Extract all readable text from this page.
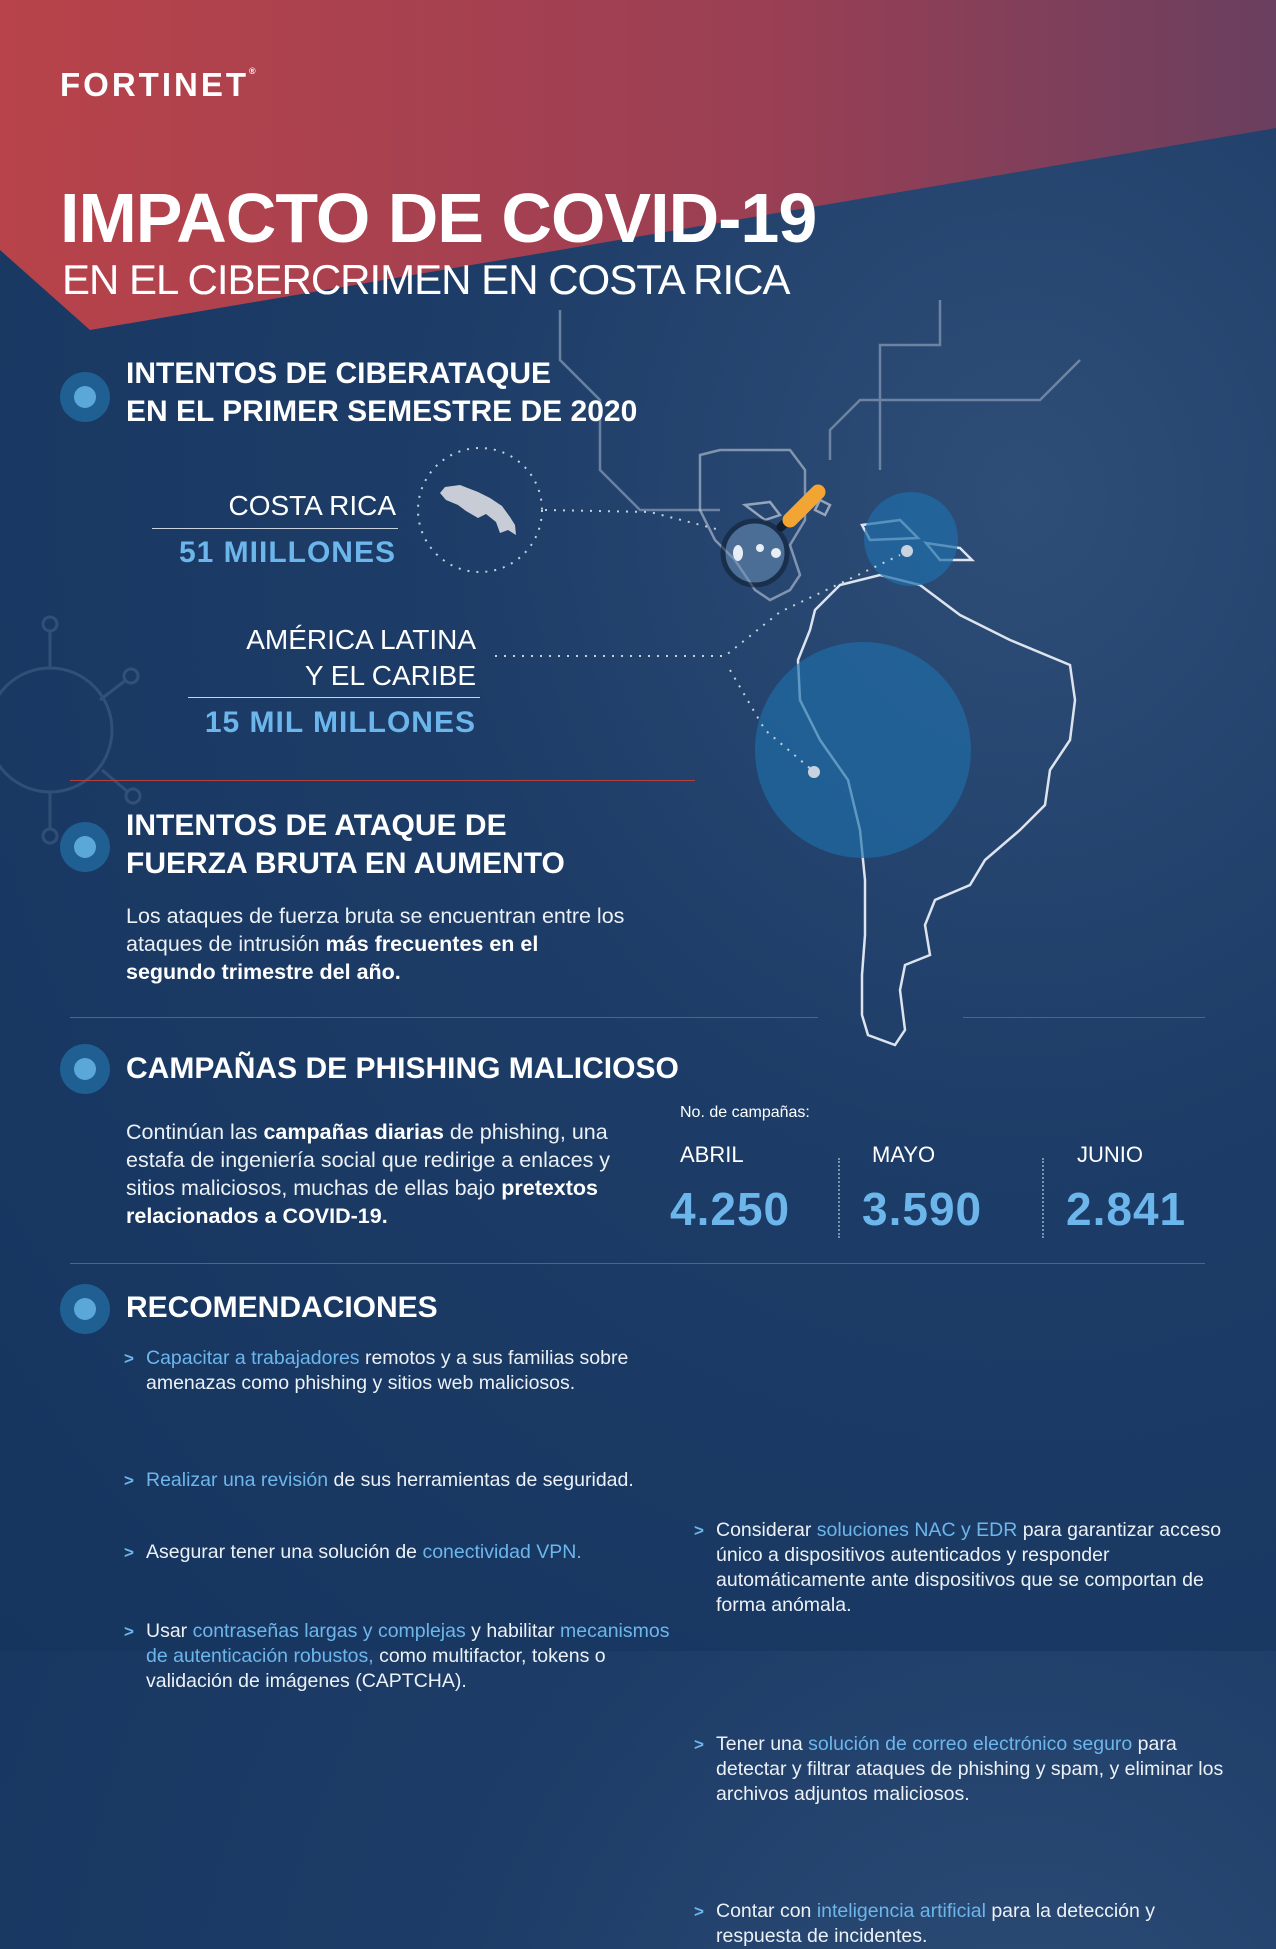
FORTINET®
IMPACTO DE COVID-19
EN EL CIBERCRIMEN EN COSTA RICA
INTENTOS DE CIBERATAQUE
EN EL PRIMER SEMESTRE DE 2020
COSTA RICA
51 MIILLONES
AMÉRICA LATINA
Y EL CARIBE
15 MIL MILLONES
INTENTOS DE ATAQUE DE
FUERZA BRUTA EN AUMENTO
Los ataques de fuerza bruta se encuentran entre los ataques de intrusión más frecuentes en el segundo trimestre del año.
CAMPAÑAS DE PHISHING MALICIOSO
Continúan las campañas diarias de phishing, una estafa de ingeniería social que redirige a enlaces y sitios maliciosos, muchas de ellas bajo pretextos relacionados a COVID-19.
No. de campañas:
ABRIL
4.250
MAYO
3.590
JUNIO
2.841
RECOMENDACIONES
> Capacitar a trabajadores remotos y a sus familias sobre amenazas como phishing y sitios web maliciosos.
> Realizar una revisión de sus herramientas de seguridad.
> Asegurar tener una solución de conectividad VPN.
> Usar contraseñas largas y complejas y habilitar mecanismos de autenticación robustos, como multifactor, tokens o validación de imágenes (CAPTCHA).
> Considerar soluciones NAC y EDR para garantizar acceso único a dispositivos autenticados y responder automáticamente ante dispositivos que se comportan de forma anómala.
> Tener una solución de correo electrónico seguro para detectar y filtrar ataques de phishing y spam, y eliminar los archivos adjuntos maliciosos.
> Contar con inteligencia artificial para la detección y respuesta de incidentes.
